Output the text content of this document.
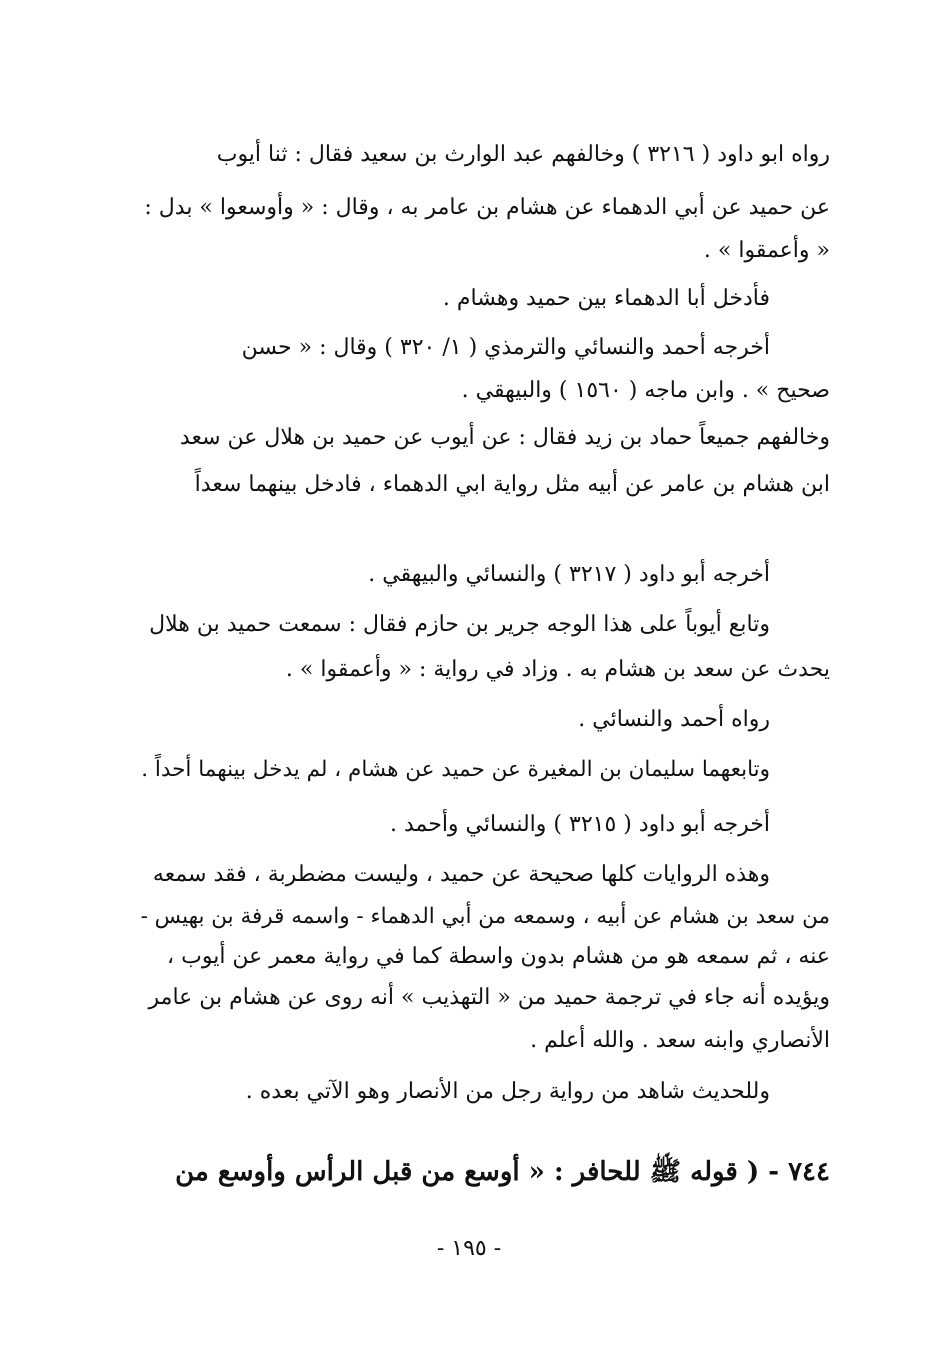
رواه ابو داود ( ٣٢١٦ ) وخالفهم عبد الوارث بن سعيد فقال : ثنا أيوب
عن حميد عن أبي الدهماء عن هشام بن عامر به ، وقال : « وأوسعوا » بدل :
« وأعمقوا » .
فأدخل أبا الدهماء بين حميد وهشام .
أخرجه أحمد والنسائي والترمذي ( ١/ ٣٢٠ ) وقال : « حسن
صحيح » . وابن ماجه ( ١٥٦٠ ) والبيهقي .
وخالفهم جميعاً حماد بن زيد فقال : عن أيوب عن حميد بن هلال عن سعد
ابن هشام بن عامر عن أبيه مثل رواية ابي الدهماء ، فادخل بينهما سعداً
أخرجه أبو داود ( ٣٢١٧ ) والنسائي والبيهقي .
وتابع أيوباً على هذا الوجه جرير بن حازم فقال : سمعت حميد بن هلال
يحدث عن سعد بن هشام به . وزاد في رواية : « وأعمقوا » .
رواه أحمد والنسائي .
وتابعهما سليمان بن المغيرة عن حميد عن هشام ، لم يدخل بينهما أحداً .
أخرجه أبو داود ( ٣٢١٥ ) والنسائي وأحمد .
وهذه الروايات كلها صحيحة عن حميد ، وليست مضطربة ، فقد سمعه
من سعد بن هشام عن أبيه ، وسمعه من أبي الدهماء - واسمه قرفة بن بهيس -
عنه ، ثم سمعه هو من هشام بدون واسطة كما في رواية معمر عن أيوب ،
ويؤيده أنه جاء في ترجمة حميد من « التهذيب » أنه روى عن هشام بن عامر
الأنصاري وابنه سعد . والله أعلم .
وللحديث شاهد من رواية رجل من الأنصار وهو الآتي بعده .
٧٤٤ - ( قوله ﷺ للحافر : « أوسع من قبل الرأس وأوسع من
- ١٩٥ -
